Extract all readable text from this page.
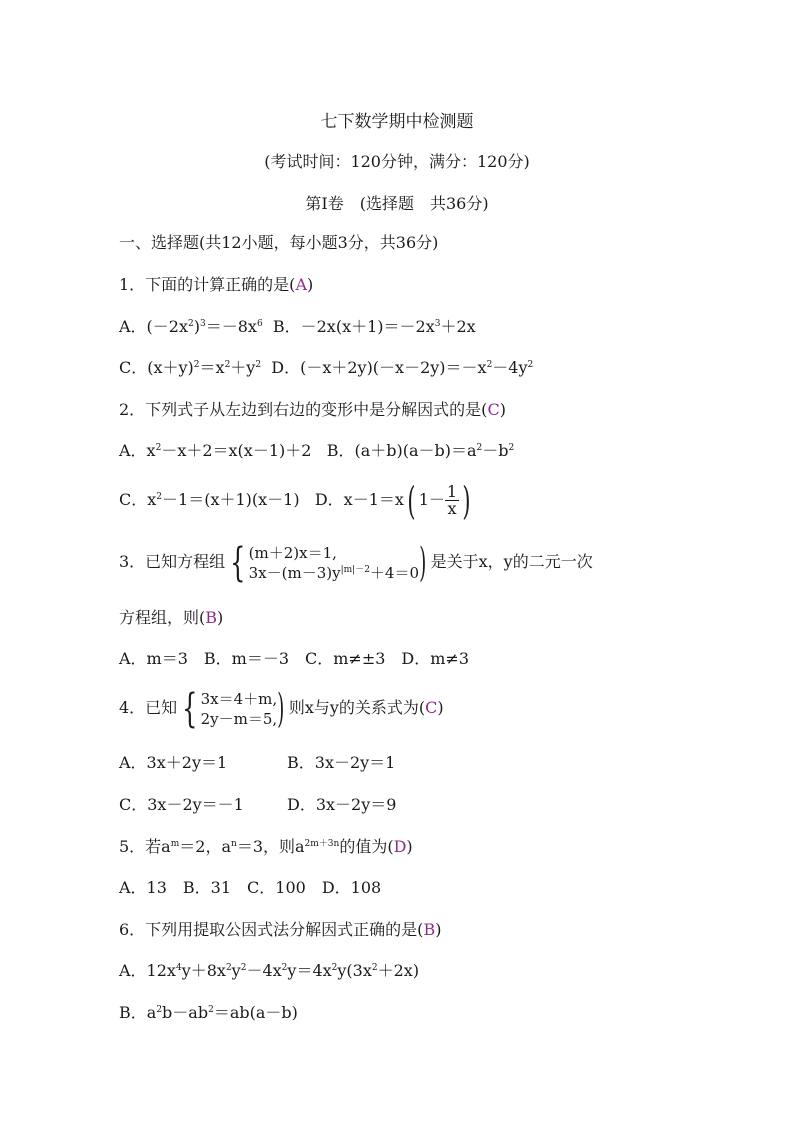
七下数学期中检测题
(考试时间：120分钟，满分：120分)
第Ⅰ卷　(选择题　共36分)
一、选择题(共12小题，每小题3分，共36分)
1．下面的计算正确的是(A)
A．$(-2x^2)^3=-8x^6$ B．$-2x(x+1)=-2x^3+2x$
C．$(x+y)^2=x^2+y^2$ D．$(-x+2y)(-x-2y)=-x^2-4y^2$
2．下列式子从左边到右边的变形中是分解因式的是(C)
A．$x^2-x+2=x(x-1)+2$ B．$(a+b)(a-b)=a^2-b^2$
C．$x^2-1=(x+1)(x-1)$ D．x－1＝x( $1- \frac{1}{x}$ )
3．已知方程组 { (m＋2)x＝1,
$3x-(m-3)y^{|m|-2}+4=0$ ) 是关于x，y的二元一次
方程组，则(B)
A．m＝3　B．m＝－3　C．m≠±3　D．m≠3
4．已知 { 3x＝4＋m,
2y－m＝5, ) 则x与y的关系式为(C)
A．3x＋2y＝1	B．3x－2y＝1
C．3x－2y＝－1	D．3x－2y＝9
5．若$a^m=2$，$a^n=3$，则$a^{2m+3n}$的值为(D)
A．13　B．31　C．100　D．108
6．下列用提取公因式法分解因式正确的是(B)
A．$12x^4y+8x^2y^2-4x^2y=4x^2y(3x^2+2x)$
B．$a^2b-ab^2=ab(a-b)$
